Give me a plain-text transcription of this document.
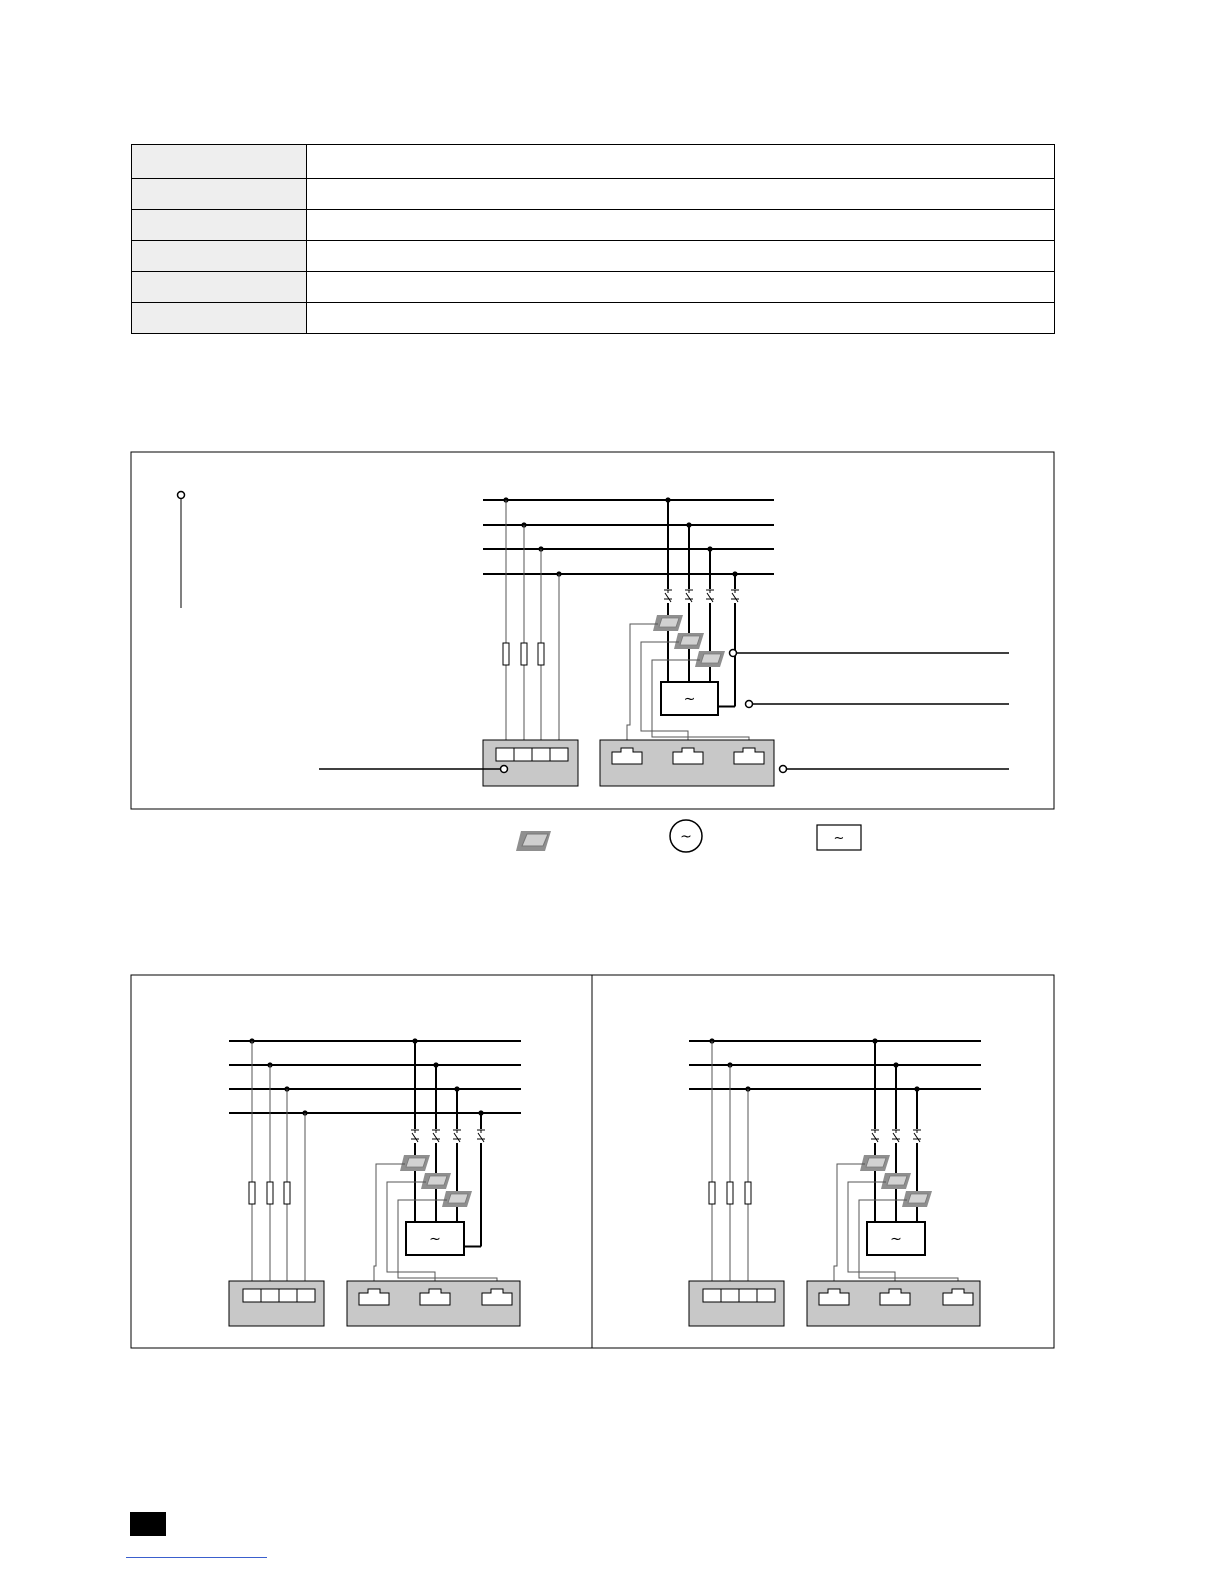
~
~	~
~	~
